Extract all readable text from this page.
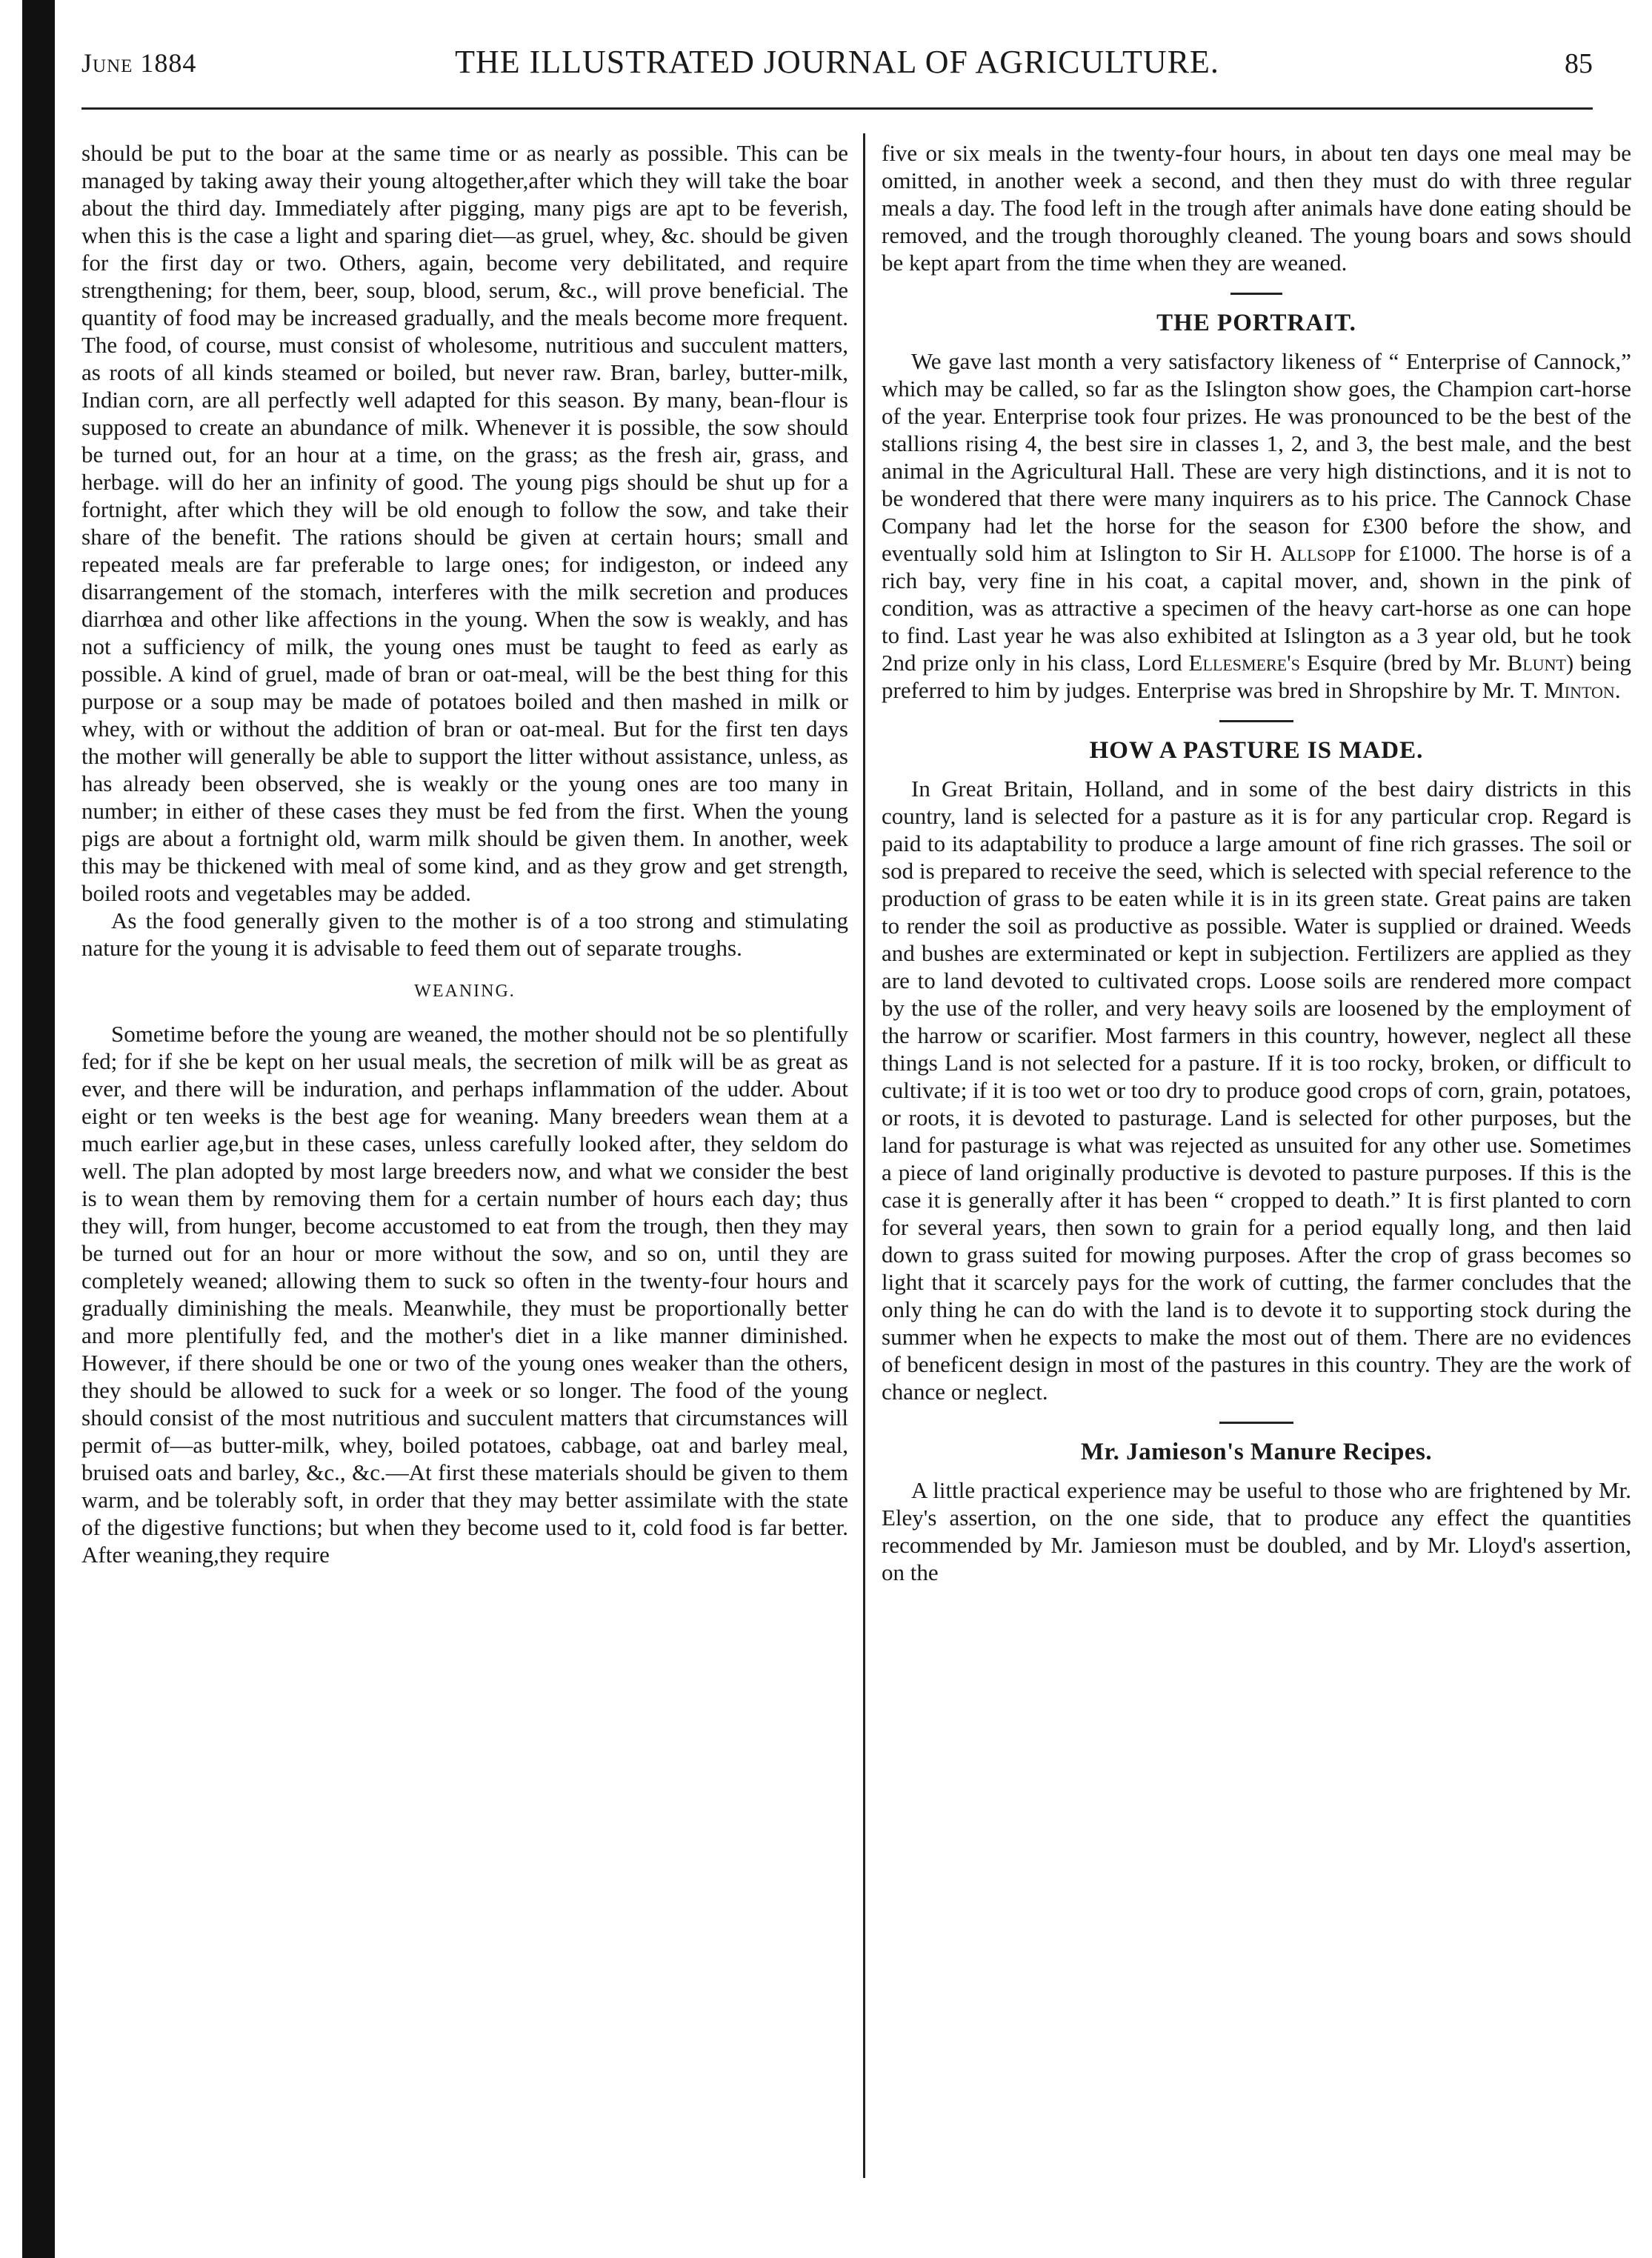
June 1884	THE ILLUSTRATED JOURNAL OF AGRICULTURE.	85

should be put to the boar at the same time or as nearly as possible. This can be managed by taking away their young altogether,after which they will take the boar about the third day. Immediately after pigging, many pigs are apt to be feverish, when this is the case a light and sparing diet—as gruel, whey, &c. should be given for the first day or two. Others, again, become very debilitated, and require strengthening; for them, beer, soup, blood, serum, &c., will prove beneficial. The quantity of food may be increased gradually, and the meals become more frequent. The food, of course, must consist of wholesome, nutritious and succulent matters, as roots of all kinds steamed or boiled, but never raw. Bran, barley, butter-milk, Indian corn, are all perfectly well adapted for this season. By many, bean-flour is supposed to create an abundance of milk. Whenever it is possible, the sow should be turned out, for an hour at a time, on the grass; as the fresh air, grass, and herbage. will do her an infinity of good. The young pigs should be shut up for a fortnight, after which they will be old enough to follow the sow, and take their share of the benefit. The rations should be given at certain hours; small and repeated meals are far preferable to large ones; for indigeston, or indeed any disarrangement of the stomach, interferes with the milk secretion and produces diarrhœa and other like affections in the young. When the sow is weakly, and has not a sufficiency of milk, the young ones must be taught to feed as early as possible. A kind of gruel, made of bran or oat-meal, will be the best thing for this purpose or a soup may be made of potatoes boiled and then mashed in milk or whey, with or without the addition of bran or oat-meal. But for the first ten days the mother will generally be able to support the litter without assistance, unless, as has already been observed, she is weakly or the young ones are too many in number; in either of these cases they must be fed from the first. When the young pigs are about a fortnight old, warm milk should be given them. In another, week this may be thickened with meal of some kind, and as they grow and get strength, boiled roots and vegetables may be added.

As the food generally given to the mother is of a too strong and stimulating nature for the young it is advisable to feed them out of separate troughs.

WEANING.

Sometime before the young are weaned, the mother should not be so plentifully fed; for if she be kept on her usual meals, the secretion of milk will be as great as ever, and there will be induration, and perhaps inflammation of the udder. About eight or ten weeks is the best age for weaning. Many breeders wean them at a much earlier age,but in these cases, unless carefully looked after, they seldom do well. The plan adopted by most large breeders now, and what we consider the best is to wean them by removing them for a certain number of hours each day; thus they will, from hunger, become accustomed to eat from the trough, then they may be turned out for an hour or more without the sow, and so on, until they are completely weaned; allowing them to suck so often in the twenty-four hours and gradually diminishing the meals. Meanwhile, they must be proportionally better and more plentifully fed, and the mother's diet in a like manner diminished. However, if there should be one or two of the young ones weaker than the others, they should be allowed to suck for a week or so longer. The food of the young should consist of the most nutritious and succulent matters that circumstances will permit of—as butter-milk, whey, boiled potatoes, cabbage, oat and barley meal, bruised oats and barley, &c., &c.—At first these materials should be given to them warm, and be tolerably soft, in order that they may better assimilate with the state of the digestive functions; but when they become used to it, cold food is far better. After weaning,they require

five or six meals in the twenty-four hours, in about ten days one meal may be omitted, in another week a second, and then they must do with three regular meals a day. The food left in the trough after animals have done eating should be removed, and the trough thoroughly cleaned. The young boars and sows should be kept apart from the time when they are weaned.

THE PORTRAIT.

We gave last month a very satisfactory likeness of “ Enterprise of Cannock,” which may be called, so far as the Islington show goes, the Champion cart-horse of the year. Enterprise took four prizes. He was pronounced to be the best of the stallions rising 4, the best sire in classes 1, 2, and 3, the best male, and the best animal in the Agricultural Hall. These are very high distinctions, and it is not to be wondered that there were many inquirers as to his price. The Cannock Chase Company had let the horse for the season for £300 before the show, and eventually sold him at Islington to Sir H. Allsopp for £1000. The horse is of a rich bay, very fine in his coat, a capital mover, and, shown in the pink of condition, was as attractive a specimen of the heavy cart-horse as one can hope to find. Last year he was also exhibited at Islington as a 3 year old, but he took 2nd prize only in his class, Lord Ellesmere's Esquire (bred by Mr. Blunt) being preferred to him by judges. Enterprise was bred in Shropshire by Mr. T. Minton.

HOW A PASTURE IS MADE.

In Great Britain, Holland, and in some of the best dairy districts in this country, land is selected for a pasture as it is for any particular crop. Regard is paid to its adaptability to produce a large amount of fine rich grasses. The soil or sod is prepared to receive the seed, which is selected with special reference to the production of grass to be eaten while it is in its green state. Great pains are taken to render the soil as productive as possible. Water is supplied or drained. Weeds and bushes are exterminated or kept in subjection. Fertilizers are applied as they are to land devoted to cultivated crops. Loose soils are rendered more compact by the use of the roller, and very heavy soils are loosened by the employment of the harrow or scarifier. Most farmers in this country, however, neglect all these things Land is not selected for a pasture. If it is too rocky, broken, or difficult to cultivate; if it is too wet or too dry to produce good crops of corn, grain, potatoes, or roots, it is devoted to pasturage. Land is selected for other purposes, but the land for pasturage is what was rejected as unsuited for any other use. Sometimes a piece of land originally productive is devoted to pasture purposes. If this is the case it is generally after it has been “ cropped to death.” It is first planted to corn for several years, then sown to grain for a period equally long, and then laid down to grass suited for mowing purposes. After the crop of grass becomes so light that it scarcely pays for the work of cutting, the farmer concludes that the only thing he can do with the land is to devote it to supporting stock during the summer when he expects to make the most out of them. There are no evidences of beneficent design in most of the pastures in this country. They are the work of chance or neglect.

Mr. Jamieson's Manure Recipes.

A little practical experience may be useful to those who are frightened by Mr. Eley's assertion, on the one side, that to produce any effect the quantities recommended by Mr. Jamieson must be doubled, and by Mr. Lloyd's assertion, on the
